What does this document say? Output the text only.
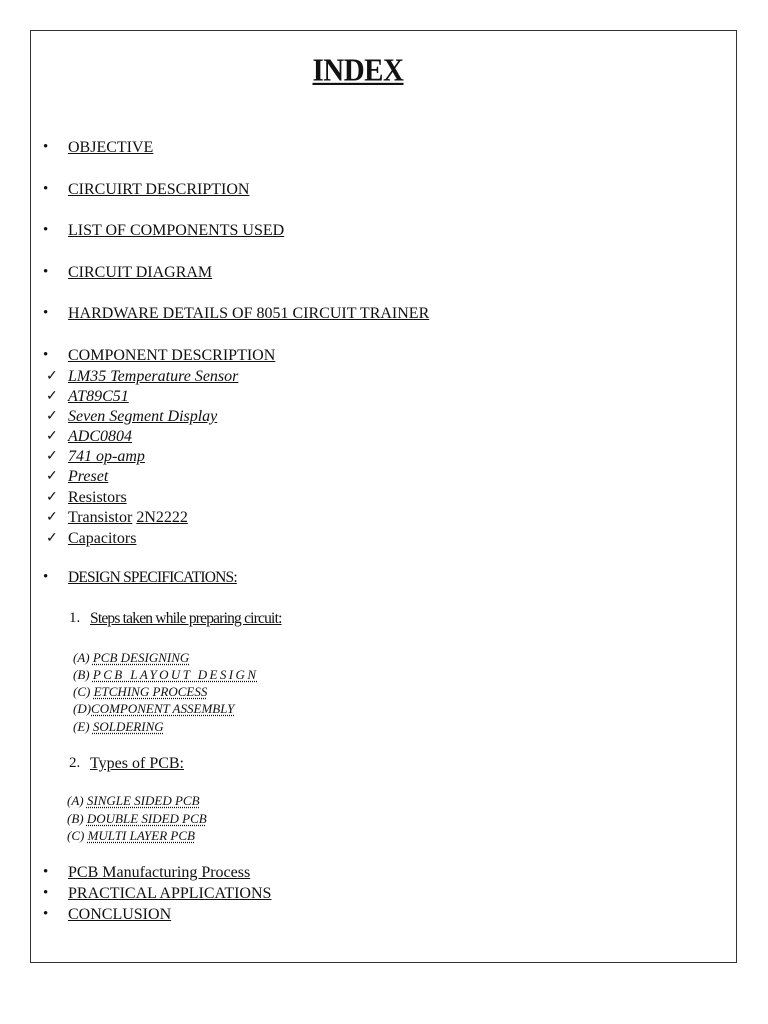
INDEX
• OBJECTIVE
• CIRCUIRT DESCRIPTION
• LIST OF COMPONENTS USED
• CIRCUIT DIAGRAM
• HARDWARE DETAILS OF 8051 CIRCUIT TRAINER
• COMPONENT DESCRIPTION
✓ LM35 Temperature Sensor
✓ AT89C51
✓ Seven Segment Display
✓ ADC0804
✓ 741 op-amp
✓ Preset
✓ Resistors
✓ Transistor 2N2222
✓ Capacitors
• DESIGN SPECIFICATIONS:
1. Steps taken while preparing circuit:
(A) PCB DESIGNING
(B) PCB LAYOUT DESIGN
(C) ETCHING PROCESS
(D)COMPONENT ASSEMBLY
(E) SOLDERING
2. Types of PCB:
(A) SINGLE SIDED PCB
(B) DOUBLE SIDED PCB
(C) MULTI LAYER PCB
• PCB Manufacturing Process
• PRACTICAL APPLICATIONS
• CONCLUSION
